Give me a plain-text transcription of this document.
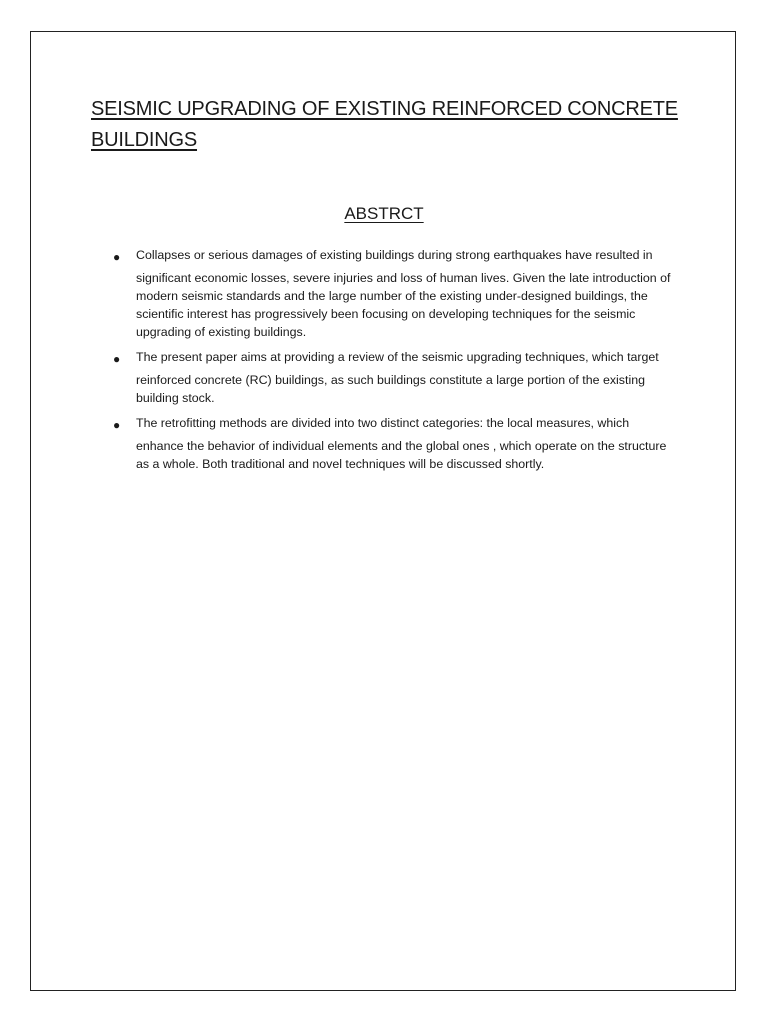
SEISMIC UPGRADING OF EXISTING REINFORCED CONCRETE BUILDINGS
ABSTRCT
● Collapses or serious damages of existing buildings during strong earthquakes have resulted in
significant economic losses, severe injuries and loss of human lives. Given the late introduction of modern seismic standards and the large number of the existing under-designed buildings, the scientific interest has progressively been focusing on developing techniques for the seismic upgrading of existing buildings.
● The present paper aims at providing a review of the seismic upgrading techniques, which target
reinforced concrete (RC) buildings, as such buildings constitute a large portion of the existing building stock.
● The retrofitting methods are divided into two distinct categories: the local measures, which
enhance the behavior of individual elements and the global ones , which operate on the structure as a whole. Both traditional and novel techniques will be discussed shortly.
